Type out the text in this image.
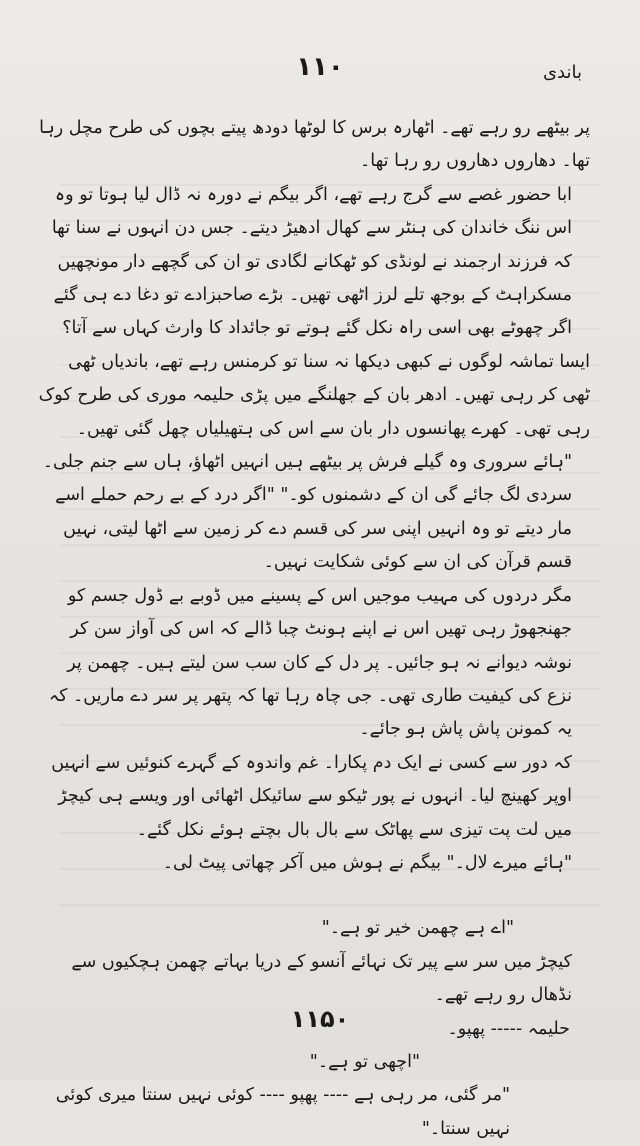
باندی
۱۱۰

پر بیٹھے رو رہے تھے۔ اٹھارہ برس کا لوٹھا دودھ پیتے بچوں کی طرح مچل رہا تھا۔ دھاروں دھاروں رو رہا تھا۔

ابا حضور غصے سے گرج رہے تھے، اگر بیگم نے دورہ نہ ڈال لیا ہوتا تو وہ اس ننگ خاندان کی ہنٹر سے کھال ادھیڑ دیتے۔ جس دن انہوں نے سنا تھا کہ فرزند ارجمند نے لونڈی کو ٹھکانے لگادی تو ان کی گچھے دار مونچھیں مسکراہٹ کے بوجھ تلے لرز اٹھی تھیں۔ بڑے صاحبزادے تو دغا دے ہی گئے اگر چھوٹے بھی اسی راہ نکل گئے ہوتے تو جائداد کا وارث کہاں سے آتا؟

ایسا تماشہ لوگوں نے کبھی دیکھا نہ سنا تو کرمنس رہے تھے، باندیاں ٹھی ٹھی کر رہی تھیں۔ ادھر بان کے جھلنگے میں پڑی حلیمہ موری کی طرح کوک رہی تھی۔ کھرے پھانسوں دار بان سے اس کی ہتھیلیاں چھل گئی تھیں۔

"ہائے سروری وہ گیلے فرش پر بیٹھے ہیں انہیں اٹھاؤ، ہاں سے جنم جلی۔ سردی لگ جائے گی ان کے دشمنوں کو۔" "اگر درد کے بے رحم حملے اسے مار دیتے تو وہ انہیں اپنی سر کی قسم دے کر زمین سے اٹھا لیتی، نہیں قسم قرآن کی ان سے کوئی شکایت نہیں۔

مگر دردوں کی مہیب موجیں اس کے پسینے میں ڈوبے بے ڈول جسم کو جھنجھوڑ رہی تھیں اس نے اپنے ہونٹ چبا ڈالے کہ اس کی آواز سن کر نوشہ دیوانے نہ ہو جائیں۔ پر دل کے کان سب سن لیتے ہیں۔ چھمن پر نزع کی کیفیت طاری تھی۔ جی چاہ رہا تھا کہ پتھر پر سر دے ماریں۔ کہ یہ کمونن پاش پاش ہو جائے۔

کہ دور سے کسی نے ایک دم پکارا۔ غم واندوہ کے گہرے کنوئیں سے انہیں اوپر کھینچ لیا۔ انہوں نے پور ٹیکو سے سائیکل اٹھائی اور ویسے ہی کیچڑ میں لت پت تیزی سے پھاٹک سے بال بال بچتے ہوئے نکل گئے۔

"ہائے میرے لال۔" بیگم نے ہوش میں آکر چھاتی پیٹ لی۔

"اے ہے چھمن خیر تو ہے۔"

کیچڑ میں سر سے پیر تک نہائے آنسو کے دریا بہاتے چھمن ہچکیوں سے نڈھال رو رہے تھے۔

حلیمہ ----- پھپو۔

"اچھی تو ہے۔"

"مر گئی، مر رہی ہے ---- پھپو ---- کوئی نہیں سنتا میری کوئی نہیں سنتا۔"

۱۱۵۰
